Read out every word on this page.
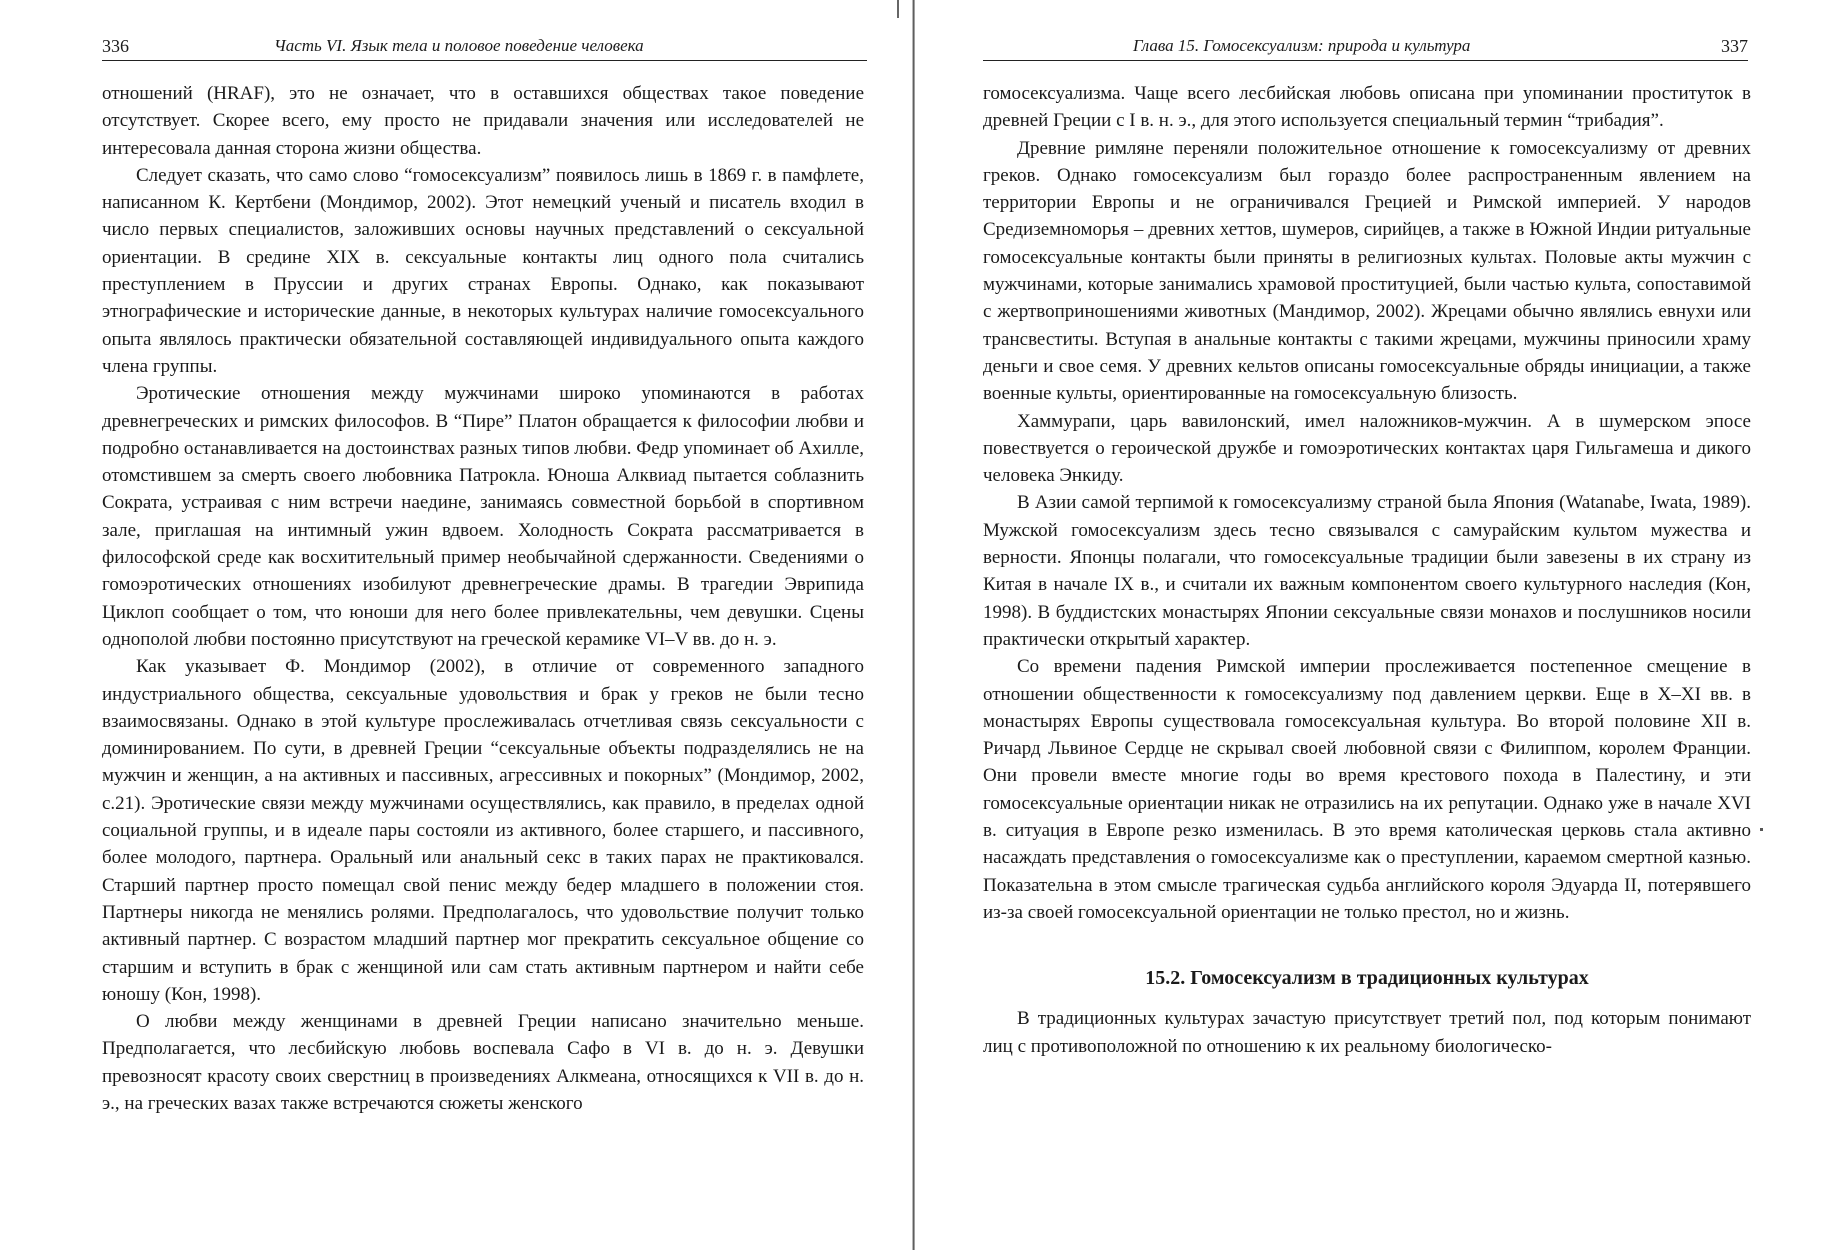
336	Часть VI. Язык тела и половое поведение человека

отношений (HRAF), это не означает, что в оставшихся обществах такое поведение отсутствует. Скорее всего, ему просто не придавали значения или исследователей не интересовала данная сторона жизни общества.

Следует сказать, что само слово “гомосексуализм” появилось лишь в 1869 г. в памфлете, написанном К. Кертбени (Мондимор, 2002). Этот немецкий ученый и писатель входил в число первых специалистов, заложивших основы научных представлений о сексуальной ориентации. В средине XIX в. сексуальные контакты лиц одного пола считались преступлением в Пруссии и других странах Европы. Однако, как показывают этнографические и исторические данные, в некоторых культурах наличие гомосексуального опыта являлось практически обязательной составляющей индивидуального опыта каждого члена группы.

Эротические отношения между мужчинами широко упоминаются в работах древнегреческих и римских философов. В “Пире” Платон обращается к философии любви и подробно останавливается на достоинствах разных типов любви. Федр упоминает об Ахилле, отомстившем за смерть своего любовника Патрокла. Юноша Алквиад пытается соблазнить Сократа, устраивая с ним встречи наедине, занимаясь совместной борьбой в спортивном зале, приглашая на интимный ужин вдвоем. Холодность Сократа рассматривается в философской среде как восхитительный пример необычайной сдержанности. Сведениями о гомоэротических отношениях изобилуют древнегреческие драмы. В трагедии Эврипида Циклоп сообщает о том, что юноши для него более привлекательны, чем девушки. Сцены однополой любви постоянно присутствуют на греческой керамике VI–V вв. до н. э.

Как указывает Ф. Мондимор (2002), в отличие от современного западного индустриального общества, сексуальные удовольствия и брак у греков не были тесно взаимосвязаны. Однако в этой культуре прослеживалась отчетливая связь сексуальности с доминированием. По сути, в древней Греции “сексуальные объекты подразделялись не на мужчин и женщин, а на активных и пассивных, агрессивных и покорных” (Мондимор, 2002, с.21). Эротические связи между мужчинами осуществлялись, как правило, в пределах одной социальной группы, и в идеале пары состояли из активного, более старшего, и пассивного, более молодого, партнера. Оральный или анальный секс в таких парах не практиковался. Старший партнер просто помещал свой пенис между бедер младшего в положении стоя. Партнеры никогда не менялись ролями. Предполагалось, что удовольствие получит только активный партнер. С возрастом младший партнер мог прекратить сексуальное общение со старшим и вступить в брак с женщиной или сам стать активным партнером и найти себе юношу (Кон, 1998).

О любви между женщинами в древней Греции написано значительно меньше. Предполагается, что лесбийскую любовь воспевала Сафо в VI в. до н. э. Девушки превозносят красоту своих сверстниц в произведениях Алкмеана, относящихся к VII в. до н. э., на греческих вазах также встречаются сюжеты женского

Глава 15. Гомосексуализм: природа и культура	337

гомосексуализма. Чаще всего лесбийская любовь описана при упоминании проституток в древней Греции с I в. н. э., для этого используется специальный термин “трибадия”.

Древние римляне переняли положительное отношение к гомосексуализму от древних греков. Однако гомосексуализм был гораздо более распространенным явлением на территории Европы и не ограничивался Грецией и Римской империей. У народов Средиземноморья – древних хеттов, шумеров, сирийцев, а также в Южной Индии ритуальные гомосексуальные контакты были приняты в религиозных культах. Половые акты мужчин с мужчинами, которые занимались храмовой проституцией, были частью культа, сопоставимой с жертвоприношениями животных (Мандимор, 2002). Жрецами обычно являлись евнухи или трансвеститы. Вступая в анальные контакты с такими жрецами, мужчины приносили храму деньги и свое семя. У древних кельтов описаны гомосексуальные обряды инициации, а также военные культы, ориентированные на гомосексуальную близость.

Хаммурапи, царь вавилонский, имел наложников-мужчин. А в шумерском эпосе повествуется о героической дружбе и гомоэротических контактах царя Гильгамеша и дикого человека Энкиду.

В Азии самой терпимой к гомосексуализму страной была Япония (Watanabe, Iwata, 1989). Мужской гомосексуализм здесь тесно связывался с самурайским культом мужества и верности. Японцы полагали, что гомосексуальные традиции были завезены в их страну из Китая в начале IX в., и считали их важным компонентом своего культурного наследия (Кон, 1998). В буддистских монастырях Японии сексуальные связи монахов и послушников носили практически открытый характер.

Со времени падения Римской империи прослеживается постепенное смещение в отношении общественности к гомосексуализму под давлением церкви. Еще в X–XI вв. в монастырях Европы существовала гомосексуальная культура. Во второй половине XII в. Ричард Львиное Сердце не скрывал своей любовной связи с Филиппом, королем Франции. Они провели вместе многие годы во время крестового похода в Палестину, и эти гомосексуальные ориентации никак не отразились на их репутации. Однако уже в начале XVI в. ситуация в Европе резко изменилась. В это время католическая церковь стала активно насаждать представления о гомосексуализме как о преступлении, караемом смертной казнью. Показательна в этом смысле трагическая судьба английского короля Эдуарда II, потерявшего из-за своей гомосексуальной ориентации не только престол, но и жизнь.

15.2. Гомосексуализм в традиционных культурах

В традиционных культурах зачастую присутствует третий пол, под которым понимают лиц с противоположной по отношению к их реальному биологическо-
